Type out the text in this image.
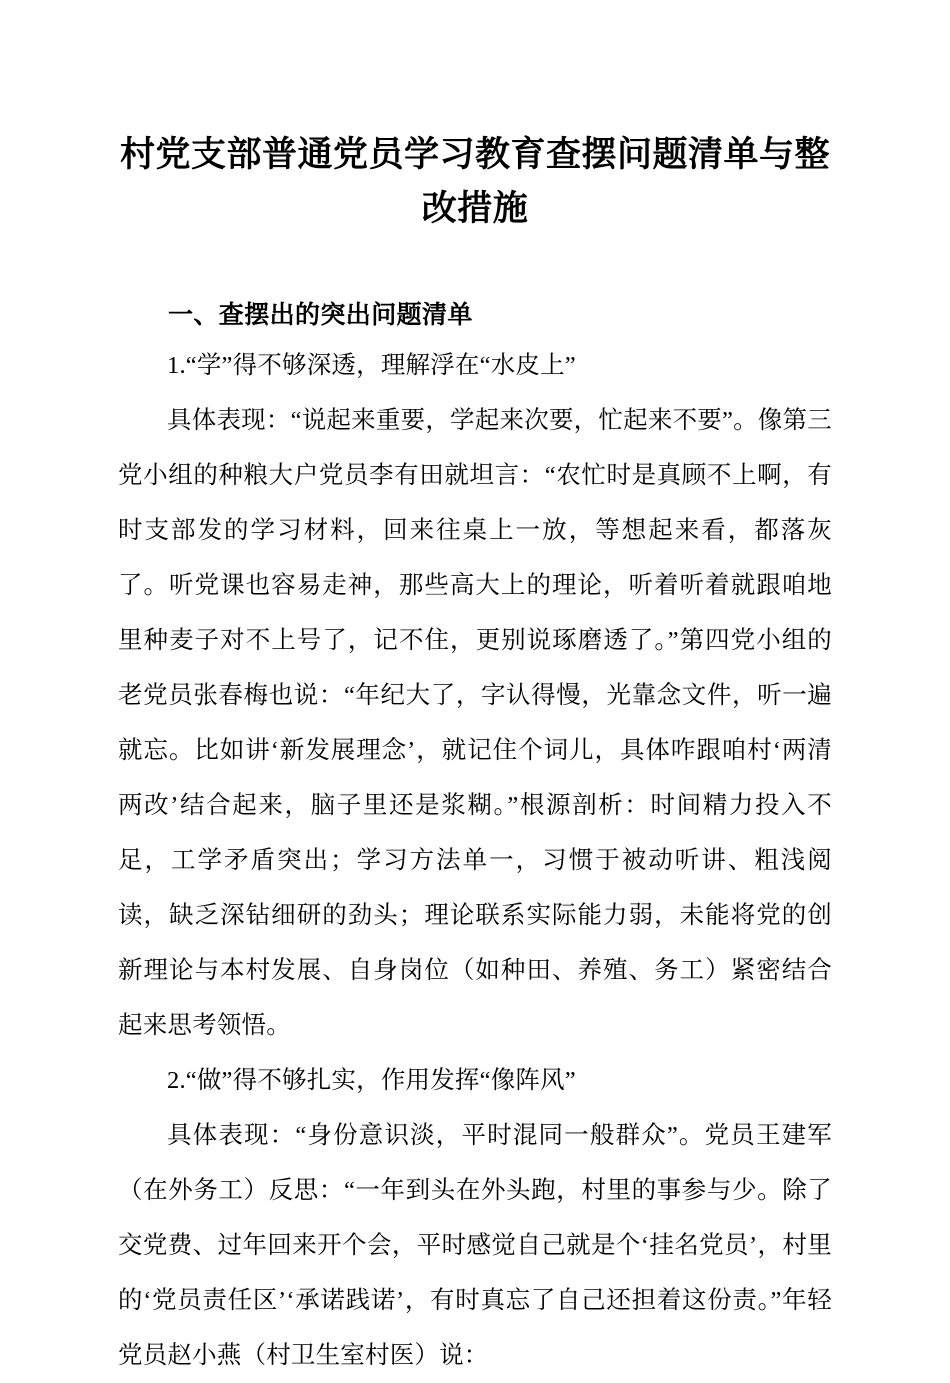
村党支部普通党员学习教育查摆问题清单与整改措施
一、查摆出的突出问题清单

1.“学”得不够深透，理解浮在“水皮上”

具体表现：“说起来重要，学起来次要，忙起来不要”。像第三党小组的种粮大户党员李有田就坦言：“农忙时是真顾不上啊，有时支部发的学习材料，回来往桌上一放，等想起来看，都落灰了。听党课也容易走神，那些高大上的理论，听着听着就跟咱地里种麦子对不上号了，记不住，更别说琢磨透了。”第四党小组的老党员张春梅也说：“年纪大了，字认得慢，光靠念文件，听一遍就忘。比如讲‘新发展理念’，就记住个词儿，具体咋跟咱村‘两清两改’结合起来，脑子里还是浆糊。”根源剖析：时间精力投入不足，工学矛盾突出；学习方法单一，习惯于被动听讲、粗浅阅读，缺乏深钻细研的劲头；理论联系实际能力弱，未能将党的创新理论与本村发展、自身岗位（如种田、养殖、务工）紧密结合起来思考领悟。

2.“做”得不够扎实，作用发挥“像阵风”

具体表现：“身份意识淡，平时混同一般群众”。党员王建军（在外务工）反思：“一年到头在外头跑，村里的事参与少。除了交党费、过年回来开个会，平时感觉自己就是个‘挂名党员’，村里的‘党员责任区’‘承诺践诺’，有时真忘了自己还担着这份责。”年轻党员赵小燕（村卫生室村医）说：
